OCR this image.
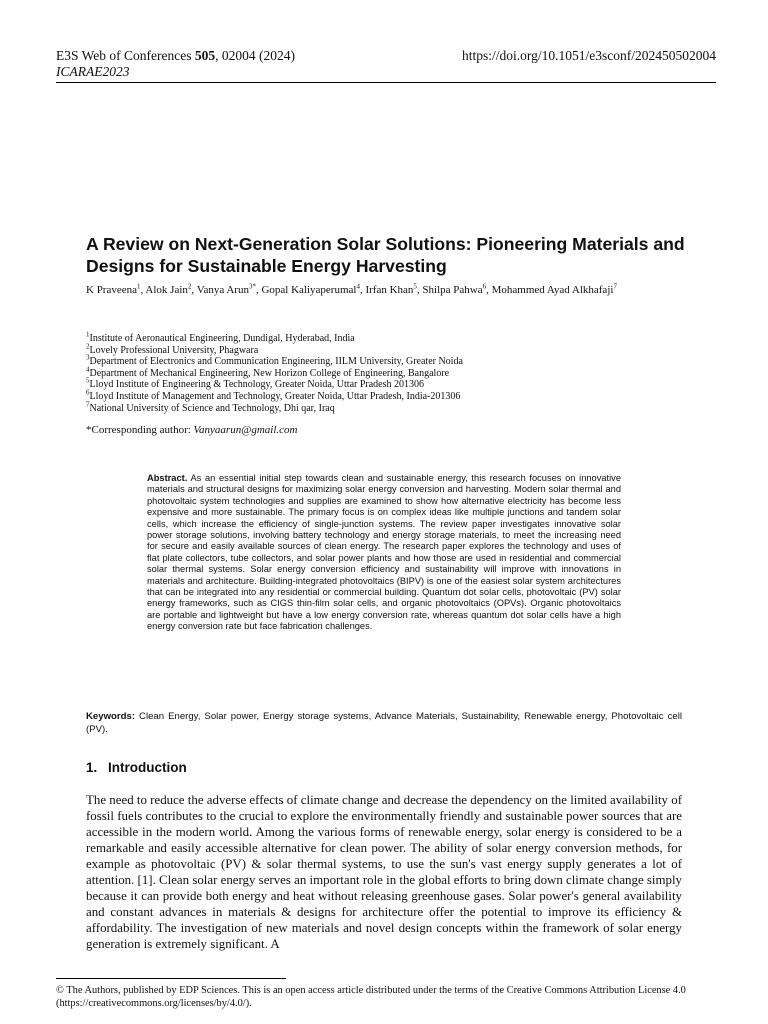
E3S Web of Conferences 505, 02004 (2024)
ICARAE2023
https://doi.org/10.1051/e3sconf/202450502004
A Review on Next-Generation Solar Solutions: Pioneering Materials and Designs for Sustainable Energy Harvesting
K Praveena$^1$, Alok Jain$^2$, Vanya Arun$^{3*}$, Gopal Kaliyaperumal$^4$, Irfan Khan$^5$, Shilpa Pahwa$^6$, Mohammed Ayad Alkhafaji$^7$
$^1$Institute of Aeronautical Engineering, Dundigal, Hyderabad, India
$^2$Lovely Professional University, Phagwara
$^3$Department of Electronics and Communication Engineering, IILM University, Greater Noida
$^4$Department of Mechanical Engineering, New Horizon College of Engineering, Bangalore
$^5$Lloyd Institute of Engineering & Technology, Greater Noida, Uttar Pradesh 201306
$^6$Lloyd Institute of Management and Technology, Greater Noida, Uttar Pradesh, India-201306
$^7$National University of Science and Technology, Dhi qar, Iraq
*Corresponding author: Vanyaarun@gmail.com
Abstract. As an essential initial step towards clean and sustainable energy, this research focuses on innovative materials and structural designs for maximizing solar energy conversion and harvesting. Modern solar thermal and photovoltaic system technologies and supplies are examined to show how alternative electricity has become less expensive and more sustainable. The primary focus is on complex ideas like multiple junctions and tandem solar cells, which increase the efficiency of single-junction systems. The review paper investigates innovative solar power storage solutions, involving battery technology and energy storage materials, to meet the increasing need for secure and easily available sources of clean energy. The research paper explores the technology and uses of flat plate collectors, tube collectors, and solar power plants and how those are used in residential and commercial solar thermal systems. Solar energy conversion efficiency and sustainability will improve with innovations in materials and architecture. Building-integrated photovoltaics (BIPV) is one of the easiest solar system architectures that can be integrated into any residential or commercial building. Quantum dot solar cells, photovoltaic (PV) solar energy frameworks, such as CIGS thin-film solar cells, and organic photovoltaics (OPVs). Organic photovoltaics are portable and lightweight but have a low energy conversion rate, whereas quantum dot solar cells have a high energy conversion rate but face fabrication challenges.
Keywords: Clean Energy, Solar power, Energy storage systems, Advance Materials, Sustainability, Renewable energy, Photovoltaic cell (PV).
1. Introduction
The need to reduce the adverse effects of climate change and decrease the dependency on the limited availability of fossil fuels contributes to the crucial to explore the environmentally friendly and sustainable power sources that are accessible in the modern world. Among the various forms of renewable energy, solar energy is considered to be a remarkable and easily accessible alternative for clean power. The ability of solar energy conversion methods, for example as photovoltaic (PV) & solar thermal systems, to use the sun's vast energy supply generates a lot of attention. [1]. Clean solar energy serves an important role in the global efforts to bring down climate change simply because it can provide both energy and heat without releasing greenhouse gases. Solar power's general availability and constant advances in materials & designs for architecture offer the potential to improve its efficiency & affordability. The investigation of new materials and novel design concepts within the framework of solar energy generation is extremely significant. A
© The Authors, published by EDP Sciences. This is an open access article distributed under the terms of the Creative Commons Attribution License 4.0 (https://creativecommons.org/licenses/by/4.0/).
